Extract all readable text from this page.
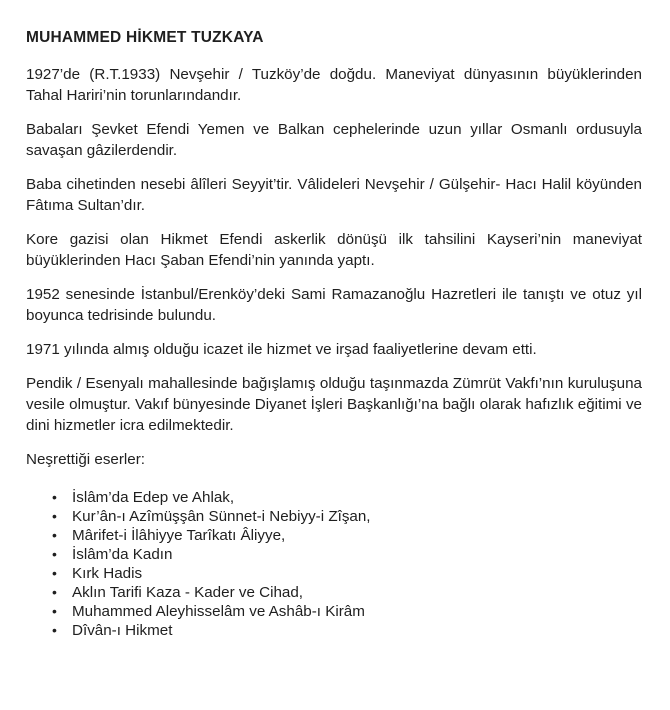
MUHAMMED HİKMET TUZKAYA

1927’de (R.T.1933) Nevşehir / Tuzköy’de doğdu. Maneviyat dünyasının büyüklerinden Tahal Hariri’nin torunlarındandır.

Babaları Şevket Efendi Yemen ve Balkan cephelerinde uzun yıllar Osmanlı ordusuyla savaşan gâzilerdendir.

Baba cihetinden nesebi âlîleri Seyyit’tir. Vâlideleri Nevşehir / Gülşehir- Hacı Halil köyünden Fâtıma Sultan’dır.

Kore gazisi olan Hikmet Efendi askerlik dönüşü ilk tahsilini Kayseri’nin maneviyat büyüklerinden Hacı Şaban Efendi’nin yanında yaptı.

1952 senesinde İstanbul/Erenköy’deki Sami Ramazanoğlu Hazretleri ile tanıştı ve otuz yıl boyunca tedrisinde bulundu.

1971 yılında almış olduğu icazet ile hizmet ve irşad faaliyetlerine devam etti.

Pendik / Esenyalı mahallesinde bağışlamış olduğu taşınmazda Zümrüt Vakfı’nın kuruluşuna vesile olmuştur. Vakıf bünyesinde Diyanet İşleri Başkanlığı’na bağlı olarak hafızlık eğitimi ve dini hizmetler icra edilmektedir.

Neşrettiği eserler:
• İslâm’da Edep ve Ahlak,
• Kur’ân-ı Azîmüşşân Sünnet-i Nebiyy-i Zîşan,
• Mârifet-i İlâhiyye Tarîkatı Âliyye,
• İslâm’da Kadın
• Kırk Hadis
• Aklın Tarifi Kaza - Kader ve Cihad,
• Muhammed Aleyhisselâm ve Ashâb-ı Kirâm
• Dîvân-ı Hikmet
